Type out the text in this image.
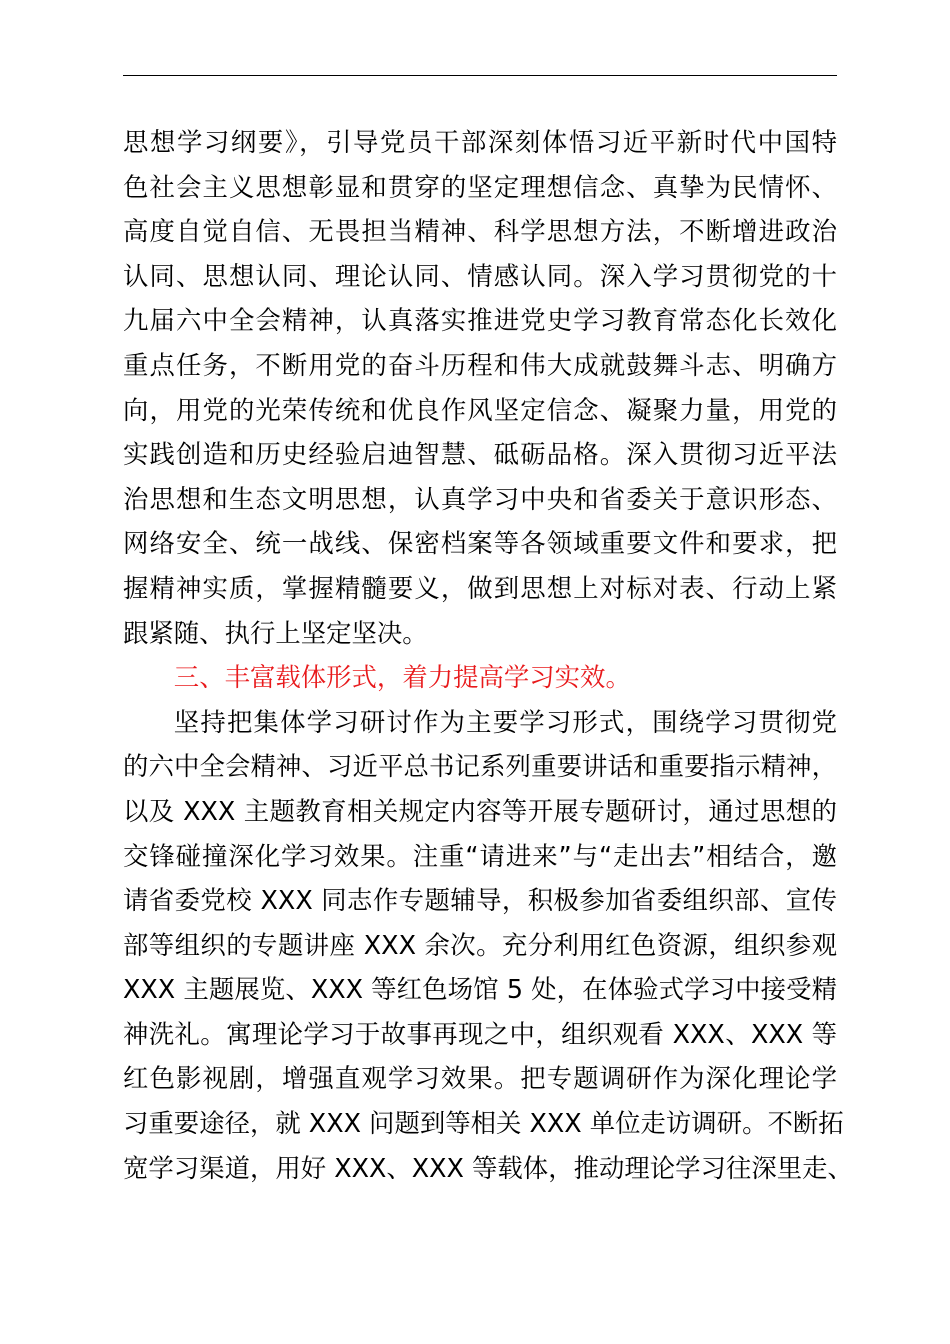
思想学习纲要》，引导党员干部深刻体悟习近平新时代中国特
色社会主义思想彰显和贯穿的坚定理想信念、真挚为民情怀、
高度自觉自信、无畏担当精神、科学思想方法，不断增进政治
认同、思想认同、理论认同、情感认同。深入学习贯彻党的十
九届六中全会精神，认真落实推进党史学习教育常态化长效化
重点任务，不断用党的奋斗历程和伟大成就鼓舞斗志、明确方
向，用党的光荣传统和优良作风坚定信念、凝聚力量，用党的
实践创造和历史经验启迪智慧、砥砺品格。深入贯彻习近平法
治思想和生态文明思想，认真学习中央和省委关于意识形态、
网络安全、统一战线、保密档案等各领域重要文件和要求，把
握精神实质，掌握精髓要义，做到思想上对标对表、行动上紧
跟紧随、执行上坚定坚决。
三、丰富载体形式，着力提高学习实效。
坚持把集体学习研讨作为主要学习形式，围绕学习贯彻党
的六中全会精神、习近平总书记系列重要讲话和重要指示精神，
以及 XXX 主题教育相关规定内容等开展专题研讨，通过思想的
交锋碰撞深化学习效果。注重“请进来”与“走出去”相结合，邀
请省委党校 XXX 同志作专题辅导，积极参加省委组织部、宣传
部等组织的专题讲座 XXX 余次。充分利用红色资源，组织参观
XXX 主题展览、XXX 等红色场馆 5 处，在体验式学习中接受精
神洗礼。寓理论学习于故事再现之中，组织观看 XXX、XXX 等
红色影视剧，增强直观学习效果。把专题调研作为深化理论学
习重要途径，就 XXX 问题到等相关 XXX 单位走访调研。不断拓
宽学习渠道，用好 XXX、XXX 等载体，推动理论学习往深里走、
